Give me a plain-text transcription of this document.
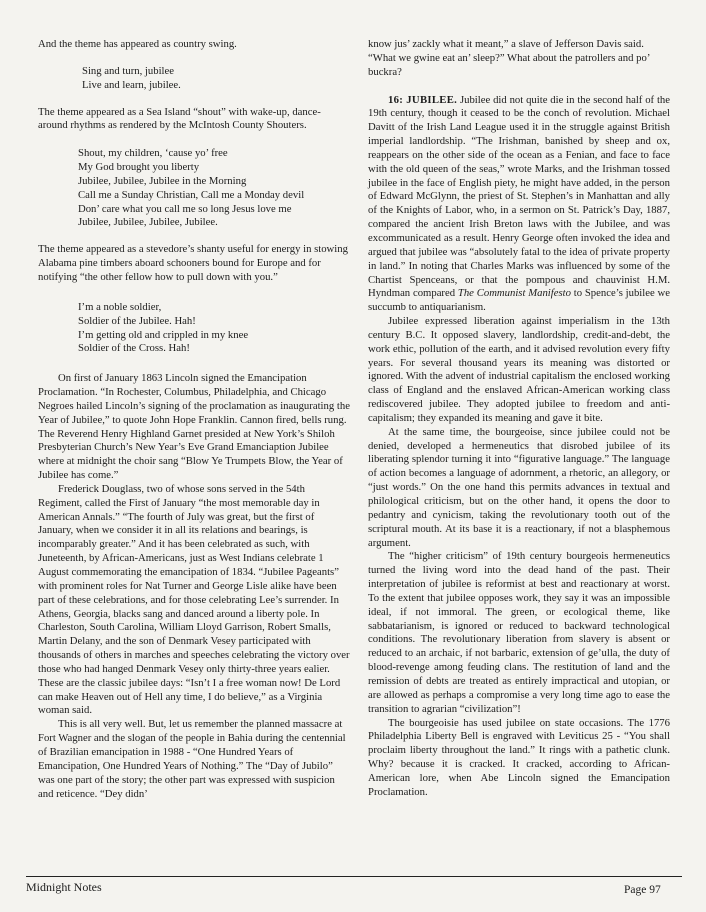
And the theme has appeared as country swing.

Sing and turn, jubilee
Live and learn, jubilee.

The theme appeared as a Sea Island “shout” with wake-up, dance-around rhythms as rendered by the McIntosh County Shouters.

Shout, my children, ‘cause yo’ free
My God brought you liberty
Jubilee, Jubilee, Jubilee in the Morning
Call me a Sunday Christian, Call me a Monday devil
Don’ care what you call me so long Jesus love me
Jubilee, Jubilee, Jubilee, Jubilee.

The theme appeared as a stevedore’s shanty useful for energy in stowing Alabama pine timbers aboard schooners bound for Europe and for notifying “the other fellow how to pull down with you.”

I’m a noble soldier,
Soldier of the Jubilee. Hah!
I’m getting old and crippled in my knee
Soldier of the Cross. Hah!

On first of January 1863 Lincoln signed the Emancipation Proclamation. “In Rochester, Columbus, Philadelphia, and Chicago Negroes hailed Lincoln’s signing of the proclamation as inaugurating the Year of Jubilee,” to quote John Hope Franklin. Cannon fired, bells rung. The Reverend Henry Highland Garnet presided at New York’s Shiloh Presbyterian Church’s New Year’s Eve Grand Emanciaption Jubilee where at midnight the choir sang “Blow Ye Trumpets Blow, the Year of Jubilee has come.”

Frederick Douglass, two of whose sons served in the 54th Regiment, called the First of January “the most memorable day in American Annals.” “The fourth of July was great, but the first of January, when we consider it in all its relations and bearings, is incomparably greater.” And it has been celebrated as such, with Juneteenth, by African-Americans, just as West Indians celebrate 1 August commemorating the emancipation of 1834. “Jubilee Pageants” with prominent roles for Nat Turner and George Lisle alike have been part of these celebrations, and for those celebrating Lee’s surrender. In Athens, Georgia, blacks sang and danced around a liberty pole. In Charleston, South Carolina, William Lloyd Garrison, Robert Smalls, Martin Delany, and the son of Denmark Vesey participated with thousands of others in marches and speeches celebrating the victory over those who had hanged Denmark Vesey only thirty-three years ealier. These are the classic jubilee days: “Isn’t I a free woman now! De Lord can make Heaven out of Hell any time, I do believe,” as a Virginia woman said.

This is all very well. But, let us remember the planned massacre at Fort Wagner and the slogan of the people in Bahia during the centennial of Brazilian emancipation in 1988 - “One Hundred Years of Emancipation, One Hundred Years of Nothing.” The “Day of Jubilo” was one part of the story; the other part was expressed with suspicion and reticence. “Dey didn’

know jus’ zackly what it meant,” a slave of Jefferson Davis said. “What we gwine eat an’ sleep?” What about the patrollers and po’ buckra?

16: JUBILEE. Jubilee did not quite die in the second half of the 19th century, though it ceased to be the conch of revolution. Michael Davitt of the Irish Land League used it in the struggle against British imperial landlordship. “The Irishman, banished by sheep and ox, reappears on the other side of the ocean as a Fenian, and face to face with the old queen of the seas,” wrote Marks, and the Irishman tossed jubilee in the face of English piety, he might have added, in the person of Edward McGlynn, the priest of St. Stephen’s in Manhattan and ally of the Knights of Labor, who, in a sermon on St. Patrick’s Day, 1887, compared the ancient Irish Breton laws with the Jubilee, and was excommunicated as a result. Henry George often invoked the idea and argued that jubilee was “absolutely fatal to the idea of private property in land.” In noting that Charles Marks was influenced by some of the Chartist Spenceans, or that the pompous and chauvinist H.M. Hyndman compared The Communist Manifesto to Spence’s jubilee we succumb to antiquarianism.

Jubilee expressed liberation against imperialism in the 13th century B.C. It opposed slavery, landlordship, credit-and-debt, the work ethic, pollution of the earth, and it advised revolution every fifty years. For several thousand years its meaning was distorted or ignored. With the advent of industrial capitalism the enclosed working class of England and the enslaved African-American working class rediscovered jubilee. They adopted jubilee to freedom and anti-capitalism; they expanded its meaning and gave it bite.

At the same time, the bourgeoise, since jubilee could not be denied, developed a hermeneutics that disrobed jubilee of its liberating splendor turning it into “figurative language.” The language of action becomes a language of adornment, a rhetoric, an allegory, or “just words.” On the one hand this permits advances in textual and philological criticism, but on the other hand, it opens the door to pedantry and cynicism, taking the revolutionary tooth out of the scriptural mouth. At its base it is a reactionary, if not a blasphemous argument.

The “higher criticism” of 19th century bourgeois hermeneutics turned the living word into the dead hand of the past. Their interpretation of jubilee is reformist at best and reactionary at worst. To the extent that jubilee opposes work, they say it was an impossible ideal, if not immoral. The green, or ecological theme, like sabbatarianism, is ignored or reduced to backward technological conditions. The revolutionary liberation from slavery is absent or reduced to an archaic, if not barbaric, extension of ge’ulla, the duty of blood-revenge among feuding clans. The restitution of land and the remission of debts are treated as entirely impractical and utopian, or are allowed as perhaps a compromise a very long time ago to ease the transition to agrarian “civilization”!

The bourgeoisie has used jubilee on state occasions. The 1776 Philadelphia Liberty Bell is engraved with Leviticus 25 - “You shall proclaim liberty throughout the land.” It rings with a pathetic clunk. Why? because it is cracked. It cracked, according to African-American lore, when Abe Lincoln signed the Emancipation Proclamation.

Midnight Notes	Page 97
